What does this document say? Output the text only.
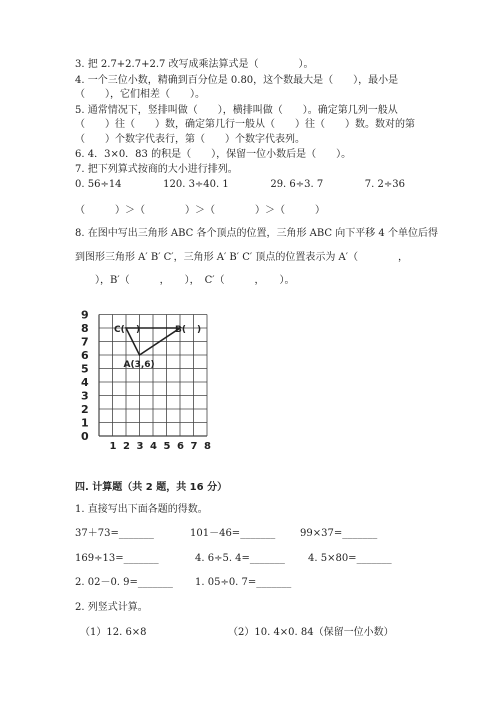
3. 把 2.7+2.7+2.7 改写成乘法算式是（　　　　）。
4. 一个三位小数，精确到百分位是 0.80，这个数最大是（　　），最小是
（　　），它们相差（　　）。
5. 通常情况下，竖排叫做（　　），横排叫做（　　）。确定第几列一般从
（　　）往（　　）数，确定第几行一般从（　　）往（　　）数。数对的第
（　　）个数字代表行，第（　　）个数字代表列。
6. 4．3×0．83 的积是（　　），保留一位小数后是（　　）。
7. 把下列算式按商的大小进行排列。
0. 56÷14	120. 3÷40. 1	29. 6÷3. 7	7. 2÷36
（　　　）＞（　　　　）＞（　　　　）＞（　　　）
8. 在图中写出三角形 ABC 各个顶点的位置，三角形 ABC 向下平移 4 个单位后得
到图形三角形 A′ B′ C′，三角形 A′ B′ C′ 顶点的位置表示为 A′（　　　　，
　　），B′（　　　，　　），　C′（　　　，　　）。
9
8
7
6
5
4
3
2
1
0
1 2 3 4 5 6 7 8
C( )	B( )
A(3,6)
四. 计算题（共 2 题，共 16 分）
1. 直接写出下面各题的得数。
37＋73=_______	101－46=_______ 99×37=_______
169÷13=_______	4. 6÷5. 4=_______ 4. 5×80=_______
2. 02－0. 9=_______ 1. 05÷0. 7=_______
2. 列竖式计算。
（1）12. 6×8	（2）10. 4×0. 84（保留一位小数）
